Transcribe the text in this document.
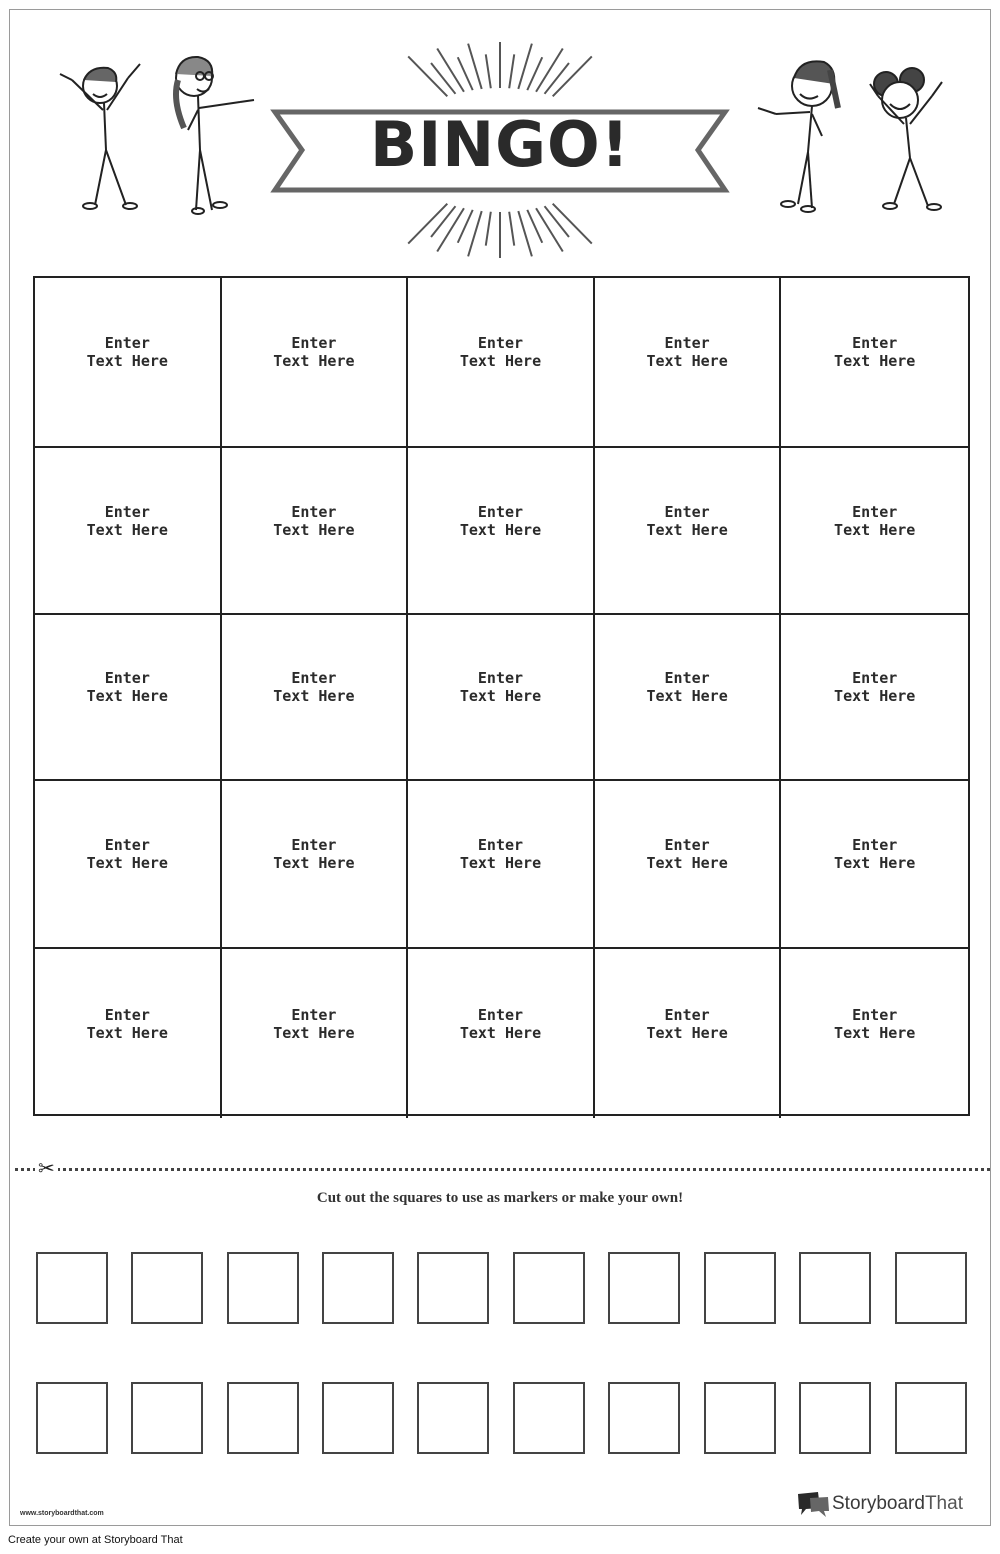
BINGO!
Enter
Text Here
Enter
Text Here
Enter
Text Here
Enter
Text Here
Enter
Text Here
Enter
Text Here
Enter
Text Here
Enter
Text Here
Enter
Text Here
Enter
Text Here
Enter
Text Here
Enter
Text Here
Enter
Text Here
Enter
Text Here
Enter
Text Here
Enter
Text Here
Enter
Text Here
Enter
Text Here
Enter
Text Here
Enter
Text Here
Enter
Text Here
Enter
Text Here
Enter
Text Here
Enter
Text Here
Enter
Text Here
✂
Cut out the squares to use as markers or make your own!
www.storyboardthat.com	StoryboardThat
Create your own at Storyboard That
